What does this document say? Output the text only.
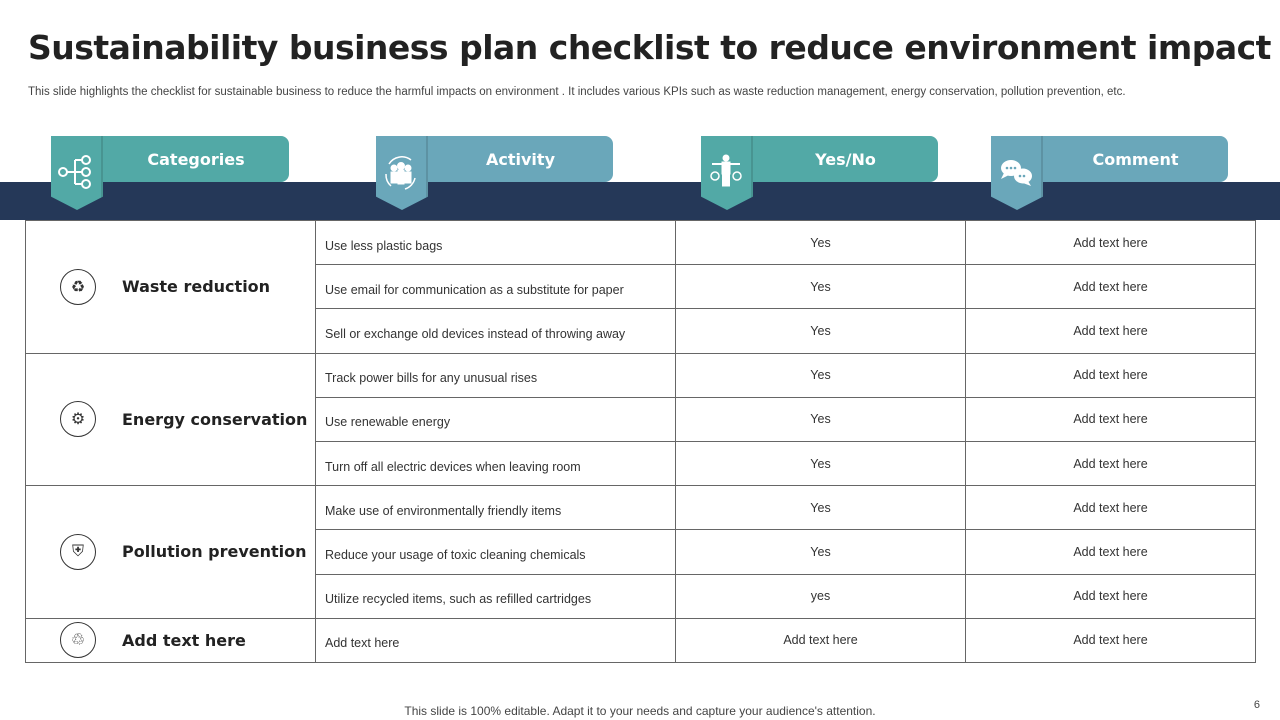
Sustainability business plan checklist to reduce environment impact
This slide highlights the checklist for sustainable business to reduce the harmful impacts on environment . It includes various KPIs such as waste reduction management, energy conservation, pollution prevention, etc.
Categories	Activity	Yes/No	Comment
♻ Waste reduction	Use less plastic bags	Yes	Add text here
	Use email for communication as a substitute for paper	Yes	Add text here
	Sell or exchange old devices instead of throwing away	Yes	Add text here

⚙ Energy conservation	Track power bills for any unusual rises	Yes	Add text here
	Use renewable energy	Yes	Add text here
	Turn off all electric devices when leaving room	Yes	Add text here

⛨ Pollution prevention	Make use of environmentally friendly items	Yes	Add text here
	Reduce your usage of toxic cleaning chemicals	Yes	Add text here
	Utilize recycled items, such as refilled cartridges	yes	Add text here

♲ Add text here	Add text here	Add text here	Add text here
This slide is 100% editable. Adapt it to your needs and capture your audience's attention.	6
